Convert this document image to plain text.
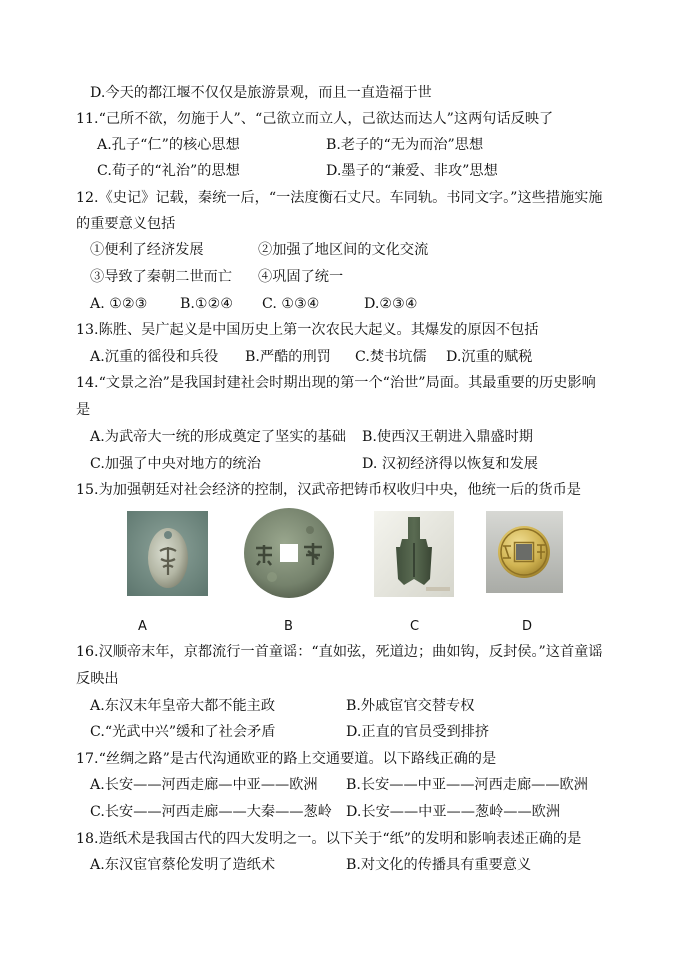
D.今天的都江堰不仅仅是旅游景观，而且一直造福于世
11.“己所不欲，勿施于人”、“己欲立而立人，己欲达而达人”这两句话反映了
A.孔子“仁”的核心思想	B.老子的“无为而治”思想
C.荀子的“礼治”的思想	D.墨子的“兼爱、非攻”思想
12.《史记》记载，秦统一后，“一法度衡石丈尺。车同轨。书同文字。”这些措施实施
的重要意义包括
①便利了经济发展	②加强了地区间的文化交流
③导致了秦朝二世而亡 ④巩固了统一
A. ①②③ B.①②④ C. ①③④	D.②③④
13.陈胜、吴广起义是中国历史上第一次农民大起义。其爆发的原因不包括
A.沉重的徭役和兵役 B.严酷的刑罚 C.焚书坑儒 D.沉重的赋税
14.“文景之治”是我国封建社会时期出现的第一个“治世”局面。其最重要的历史影响
是
A.为武帝大一统的形成奠定了坚实的基础 B.使西汉王朝进入鼎盛时期
C.加强了中央对地方的统治	D. 汉初经济得以恢复和发展
15.为加强朝廷对社会经济的控制，汉武帝把铸币权收归中央，他统一后的货币是
A	B	C	D
16.汉顺帝末年，京都流行一首童谣：“直如弦，死道边；曲如钩，反封侯。”这首童谣
反映出
A.东汉末年皇帝大都不能主政	B.外戚宦官交替专权
C.“光武中兴”缓和了社会矛盾	D.正直的官员受到排挤
17.“丝绸之路”是古代沟通欧亚的路上交通要道。以下路线正确的是
A.长安——河西走廊—中亚——欧洲 B.长安——中亚——河西走廊——欧洲
C.长安——河西走廊——大秦——葱岭 D.长安——中亚——葱岭——欧洲
18.造纸术是我国古代的四大发明之一。以下关于“纸”的发明和影响表述正确的是
A.东汉宦官蔡伦发明了造纸术	B.对文化的传播具有重要意义
